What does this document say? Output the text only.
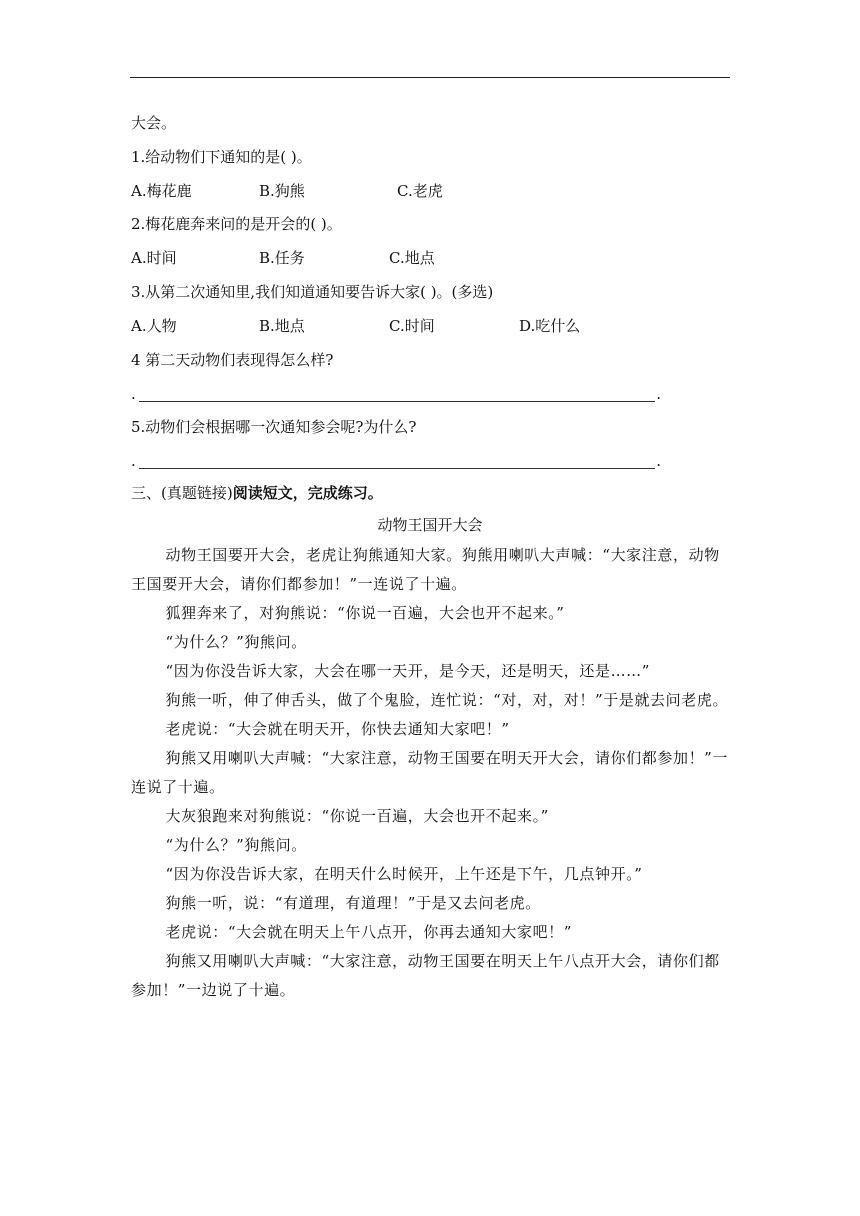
大会。
1.给动物们下通知的是( )。
A.梅花鹿	B.狗熊	C.老虎
2.梅花鹿奔来问的是开会的( )。
A.时间	B.任务	C.地点
3.从第二次通知里,我们知道通知要告诉大家( )。(多选)
A.人物	B.地点	C.时间	D.吃什么
4 第二天动物们表现得怎么样?
.	.
5.动物们会根据哪一次通知参会呢?为什么?
.	.
三、(真题链接)阅读短文，完成练习。
动物王国开大会

动物王国要开大会，老虎让狗熊通知大家。狗熊用喇叭大声喊：“大家注意，动物王国要开大会，请你们都参加！”一连说了十遍。

狐狸奔来了，对狗熊说：“你说一百遍，大会也开不起来。”

“为什么？”狗熊问。

“因为你没告诉大家，大会在哪一天开，是今天，还是明天，还是……”

狗熊一听，伸了伸舌头，做了个鬼脸，连忙说：“对，对，对！”于是就去问老虎。

老虎说：“大会就在明天开，你快去通知大家吧！”

狗熊又用喇叭大声喊：“大家注意，动物王国要在明天开大会，请你们都参加！”一连说了十遍。

大灰狼跑来对狗熊说：“你说一百遍，大会也开不起来。”

“为什么？”狗熊问。

“因为你没告诉大家，在明天什么时候开，上午还是下午，几点钟开。”

狗熊一听，说：“有道理，有道理！”于是又去问老虎。

老虎说：“大会就在明天上午八点开，你再去通知大家吧！”

狗熊又用喇叭大声喊：“大家注意，动物王国要在明天上午八点开大会，请你们都参加！”一边说了十遍。
